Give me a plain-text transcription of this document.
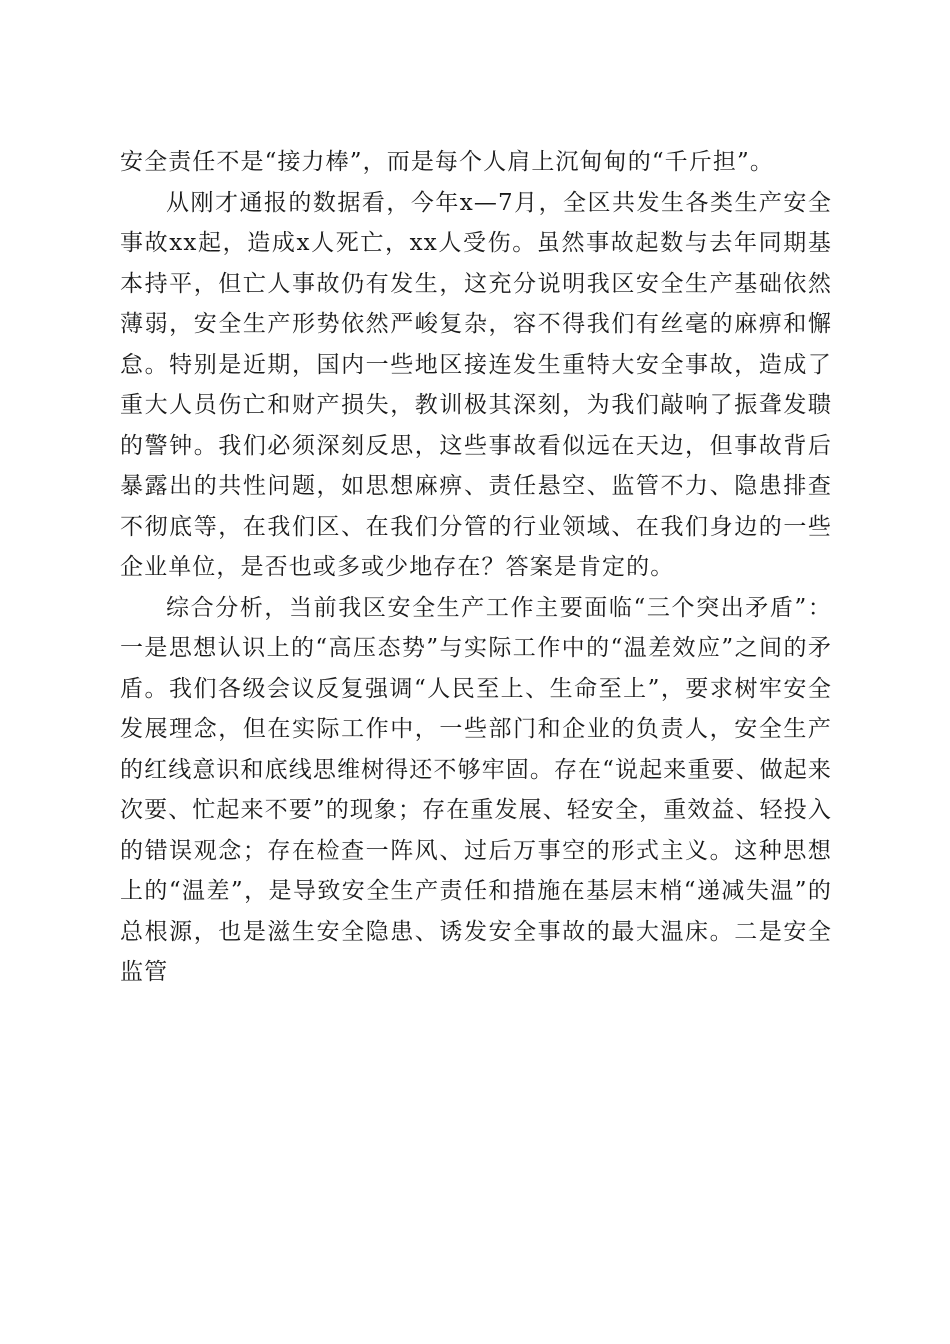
安全责任不是“接力棒”，而是每个人肩上沉甸甸的“千斤担”。

从刚才通报的数据看，今年x—7月，全区共发生各类生产安全事故xx起，造成x人死亡，xx人受伤。虽然事故起数与去年同期基本持平，但亡人事故仍有发生，这充分说明我区安全生产基础依然薄弱，安全生产形势依然严峻复杂，容不得我们有丝毫的麻痹和懈怠。特别是近期，国内一些地区接连发生重特大安全事故，造成了重大人员伤亡和财产损失，教训极其深刻，为我们敲响了振聋发聩的警钟。我们必须深刻反思，这些事故看似远在天边，但事故背后暴露出的共性问题，如思想麻痹、责任悬空、监管不力、隐患排查不彻底等，在我们区、在我们分管的行业领域、在我们身边的一些企业单位，是否也或多或少地存在？答案是肯定的。

综合分析，当前我区安全生产工作主要面临“三个突出矛盾”：一是思想认识上的“高压态势”与实际工作中的“温差效应”之间的矛盾。我们各级会议反复强调“人民至上、生命至上”，要求树牢安全发展理念，但在实际工作中，一些部门和企业的负责人，安全生产的红线意识和底线思维树得还不够牢固。存在“说起来重要、做起来次要、忙起来不要”的现象；存在重发展、轻安全，重效益、轻投入的错误观念；存在检查一阵风、过后万事空的形式主义。这种思想上的“温差”，是导致安全生产责任和措施在基层末梢“递减失温”的总根源，也是滋生安全隐患、诱发安全事故的最大温床。二是安全监管
